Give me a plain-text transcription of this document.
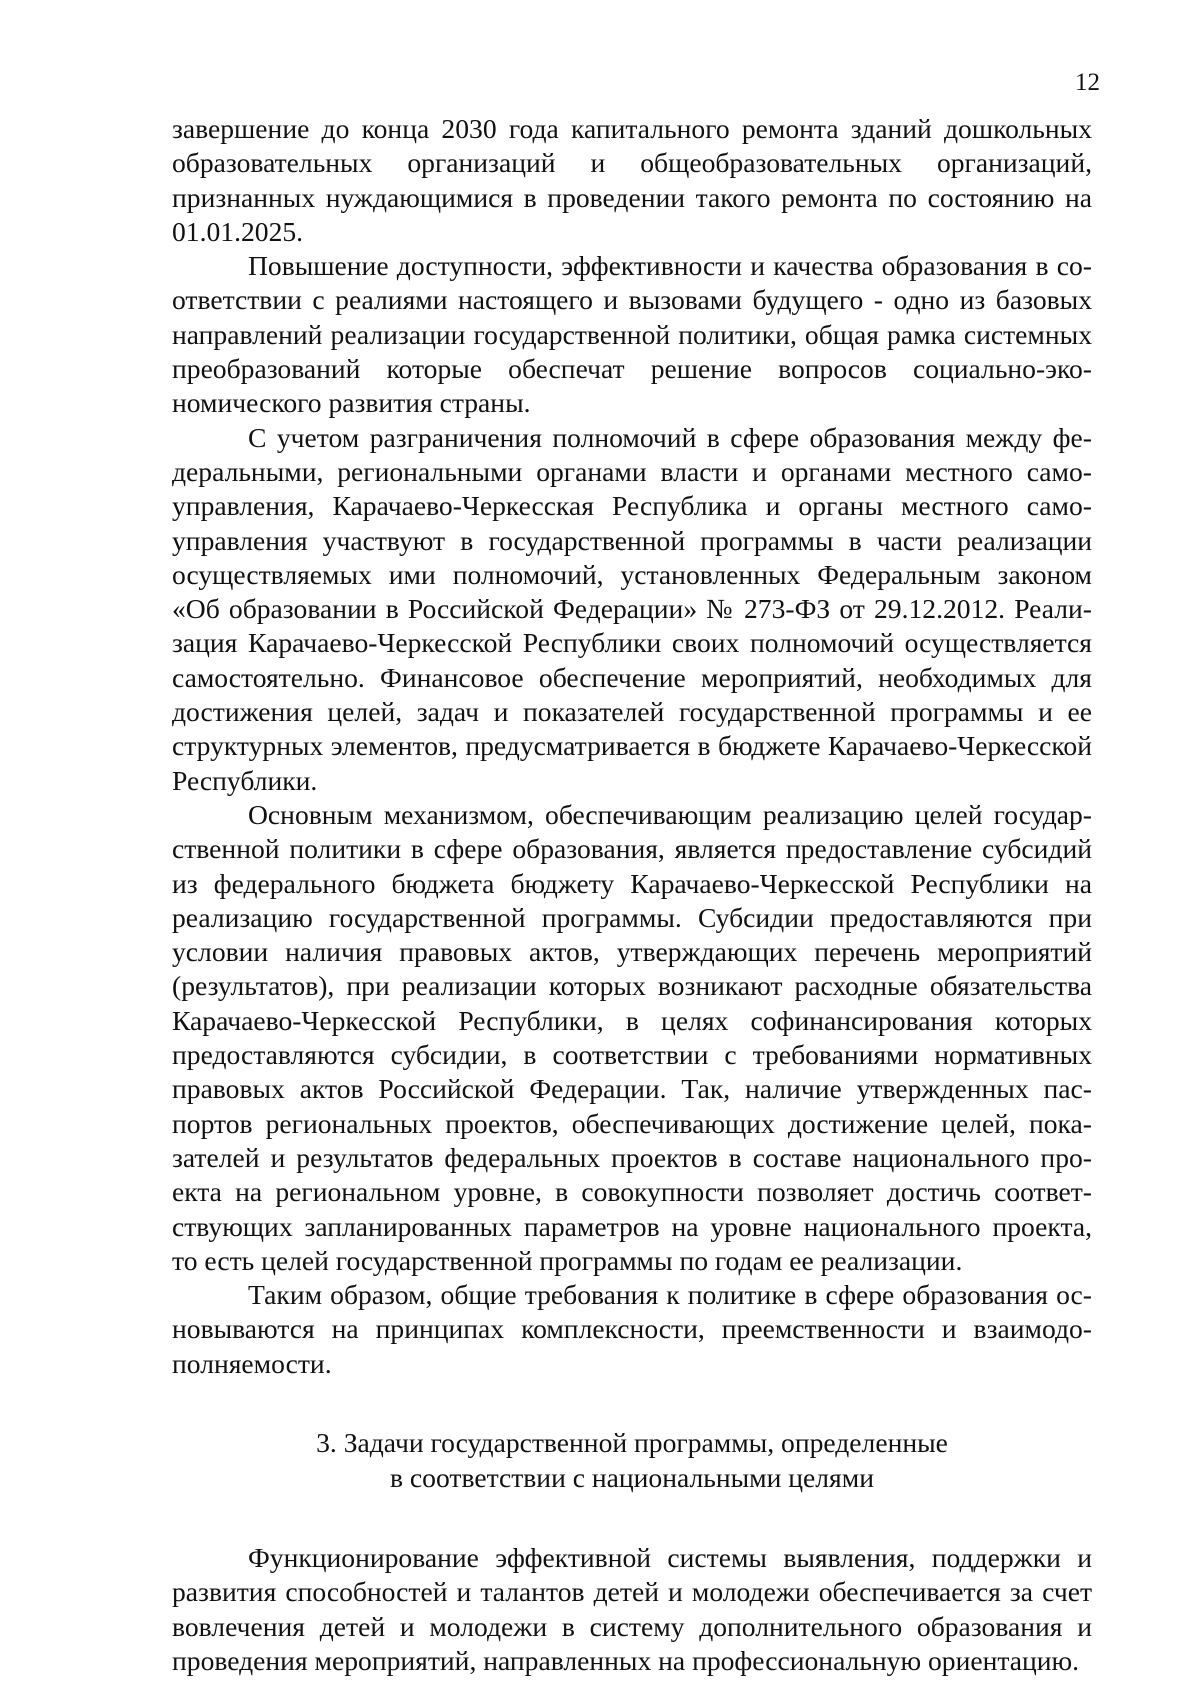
12

завершение до конца 2030 года капитального ремонта зданий дошкольных образовательных организаций и общеобразовательных организаций, признанных нуждающимися в проведении такого ремонта по состоянию на 01.01.2025.

Повышение доступности, эффективности и качества образования в соответствии с реалиями настоящего и вызовами будущего - одно из базовых направлений реализации государственной политики, общая рамка системных преобразований которые обеспечат решение вопросов социально-экономического развития страны.

С учетом разграничения полномочий в сфере образования между федеральными, региональными органами власти и органами местного самоуправления, Карачаево-Черкесская Республика и органы местного самоуправления участвуют в государственной программы в части реализации осуществляемых ими полномочий, установленных Федеральным законом «Об образовании в Российской Федерации» № 273-ФЗ от 29.12.2012. Реализация Карачаево-Черкесской Республики своих полномочий осуществляется самостоятельно. Финансовое обеспечение мероприятий, необходимых для достижения целей, задач и показателей государственной программы и ее структурных элементов, предусматривается в бюджете Карачаево-Черкесской Республики.

Основным механизмом, обеспечивающим реализацию целей государственной политики в сфере образования, является предоставление субсидий из федерального бюджета бюджету Карачаево-Черкесской Республики на реализацию государственной программы. Субсидии предоставляются при условии наличия правовых актов, утверждающих перечень мероприятий (результатов), при реализации которых возникают расходные обязательства Карачаево-Черкесской Республики, в целях софинансирования которых предоставляются субсидии, в соответствии с требованиями нормативных правовых актов Российской Федерации. Так, наличие утвержденных паспортов региональных проектов, обеспечивающих достижение целей, показателей и результатов федеральных проектов в составе национального проекта на региональном уровне, в совокупности позволяет достичь соответствующих запланированных параметров на уровне национального проекта, то есть целей государственной программы по годам ее реализации.

Таким образом, общие требования к политике в сфере образования основываются на принципах комплексности, преемственности и взаимодополняемости.

3. Задачи государственной программы, определенные
в соответствии с национальными целями

Функционирование эффективной системы выявления, поддержки и развития способностей и талантов детей и молодежи обеспечивается за счет вовлечения детей и молодежи в систему дополнительного образования и проведения мероприятий, направленных на профессиональную ориентацию.
